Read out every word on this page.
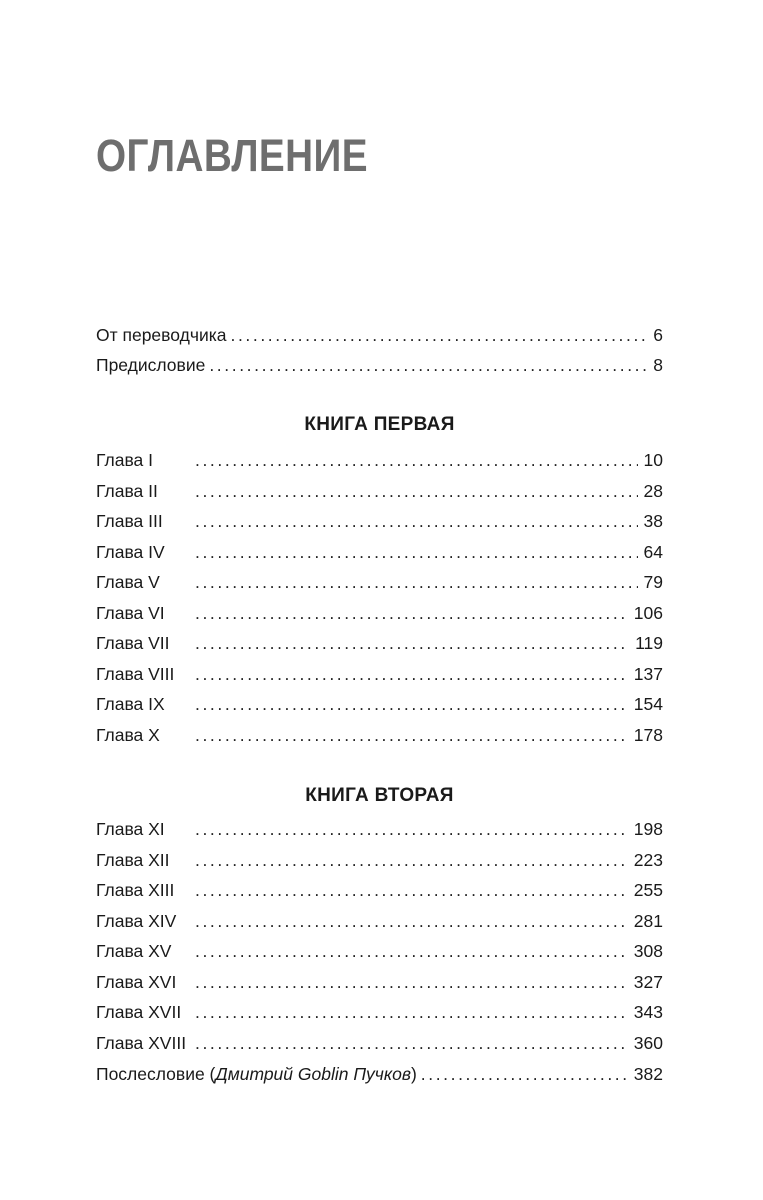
ОГЛАВЛЕНИЕ
От переводчика .....	6
Предисловие .....	8
КНИГА ПЕРВАЯ
Глава I .....	10
Глава II .....	28
Глава III .....	38
Глава IV .....	64
Глава V .....	79
Глава VI .....	106
Глава VII .....	119
Глава VIII .....	137
Глава IX .....	154
Глава X .....	178
КНИГА ВТОРАЯ
Глава XI .....	198
Глава XII .....	223
Глава XIII .....	255
Глава XIV .....	281
Глава XV .....	308
Глава XVI .....	327
Глава XVII .....	343
Глава XVIII .....	360
Послесловие (Дмитрий Goblin Пучков) .....	382
